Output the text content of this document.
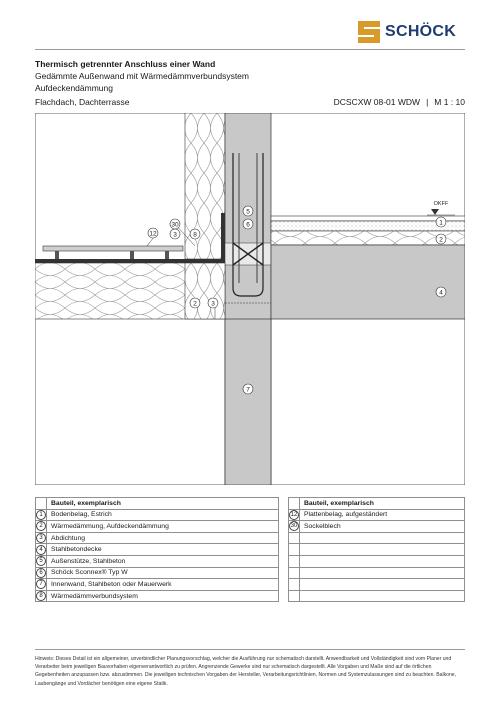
SCHÖCK
Thermisch getrennter Anschluss einer Wand
Gedämmte Außenwand mit Wärmedämmverbundsystem
Aufdeckendämmung
Flachdach, Dachterrasse	DCSCXW 08-01 WDW | M 1 : 10
12
30
3	8
5
6
OKFF
1
2
4
2 3
7
	Bauteil, exemplarisch			Bauteil, exemplarisch
1	Bodenbelag, Estrich		12	Plattenbelag, aufgeständert
2	Wärmedämmung, Aufdeckendämmung		30	Sockelblech
3	Abdichtung			
4	Stahlbetondecke			
5	Außenstütze, Stahlbeton			
6	Schöck Sconnex® Typ W			
7	Innenwand, Stahlbeton oder Mauerwerk			
8	Wärmedämmverbundsystem			
Hinweis: Dieses Detail ist ein allgemeiner, unverbindlicher Planungsvorschlag, welcher die Ausführung nur schematisch darstellt. Anwendbarkeit und Vollständigkeit sind vom Planer und Verarbeiter beim jeweiligen Bauvorhaben eigenverantwortlich zu prüfen. Angrenzende Gewerke sind nur schematisch dargestellt. Alle Vorgaben und Maße sind auf die örtlichen Gegebenheiten anzupassen bzw. abzustimmen. Die jeweiligen technischen Vorgaben der Hersteller, Verarbeitungsrichtlinien, Normen und Systemzulassungen sind zu beachten. Balkone, Laubengänge und Vordächer benötigen eine eigene Statik.
